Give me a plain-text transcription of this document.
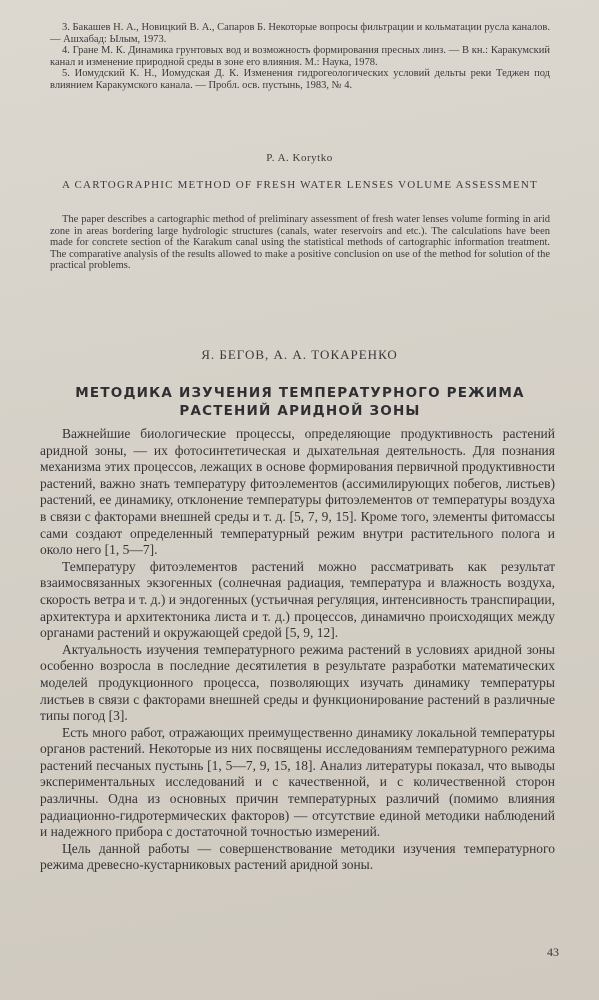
3. Бакашев Н. А., Новицкий В. А., Сапаров Б. Некоторые вопросы фильтрации и кольматации русла каналов. — Ашхабад: Ылым, 1973.

4. Гране М. К. Динамика грунтовых вод и возможность формирования пресных линз. — В кн.: Каракумский канал и изменение природной среды в зоне его влияния. М.: Наука, 1978.

5. Иомудский К. Н., Иомудская Д. К. Изменения гидрогеологических условий дельты реки Теджен под влиянием Каракумского канала. — Пробл. осв. пустынь, 1983, № 4.

P. A. Korytko
A CARTOGRAPHIC METHOD OF FRESH WATER LENSES VOLUME ASSESSMENT

The paper describes a cartographic method of preliminary assessment of fresh water lenses volume forming in arid zone in areas bordering large hydrologic structures (canals, water reservoirs and etc.). The calculations have been made for concrete section of the Karakum canal using the statistical methods of cartographic information treatment. The comparative analysis of the results allowed to make a positive conclusion on use of the method for solution of the practical problems.

Я. БЕГОВ, А. А. ТОКАРЕНКО
МЕТОДИКА ИЗУЧЕНИЯ ТЕМПЕРАТУРНОГО РЕЖИМА РАСТЕНИЙ АРИДНОЙ ЗОНЫ

Важнейшие биологические процессы, определяющие продуктивность растений аридной зоны, — их фотосинтетическая и дыхательная деятельность. Для познания механизма этих процессов, лежащих в основе формирования первичной продуктивности растений, важно знать температуру фитоэлементов (ассимилирующих побегов, листьев) растений, ее динамику, отклонение температуры фитоэлементов от температуры воздуха в связи с факторами внешней среды и т. д. [5, 7, 9, 15]. Кроме того, элементы фитомассы сами создают определенный температурный режим внутри растительного полога и около него [1, 5—7].

Температуру фитоэлементов растений можно рассматривать как результат взаимосвязанных экзогенных (солнечная радиация, температура и влажность воздуха, скорость ветра и т. д.) и эндогенных (устьичная регуляция, интенсивность транспирации, архитектура и архитектоника листа и т. д.) процессов, динамично происходящих между органами растений и окружающей средой [5, 9, 12].

Актуальность изучения температурного режима растений в условиях аридной зоны особенно возросла в последние десятилетия в результате разработки математических моделей продукционного процесса, позволяющих изучать динамику температуры листьев в связи с факторами внешней среды и функционирование растений в различные типы погод [3].

Есть много работ, отражающих преимущественно динамику локальной температуры органов растений. Некоторые из них посвящены исследованиям температурного режима растений песчаных пустынь [1, 5—7, 9, 15, 18]. Анализ литературы показал, что выводы экспериментальных исследований и с качественной, и с количественной сторон различны. Одна из основных причин температурных различий (помимо влияния радиационно-гидротермических факторов) — отсутствие единой методики наблюдений и надежного прибора с достаточной точностью измерений.

Цель данной работы — совершенствование методики изучения температурного режима древесно-кустарниковых растений аридной зоны.

43
